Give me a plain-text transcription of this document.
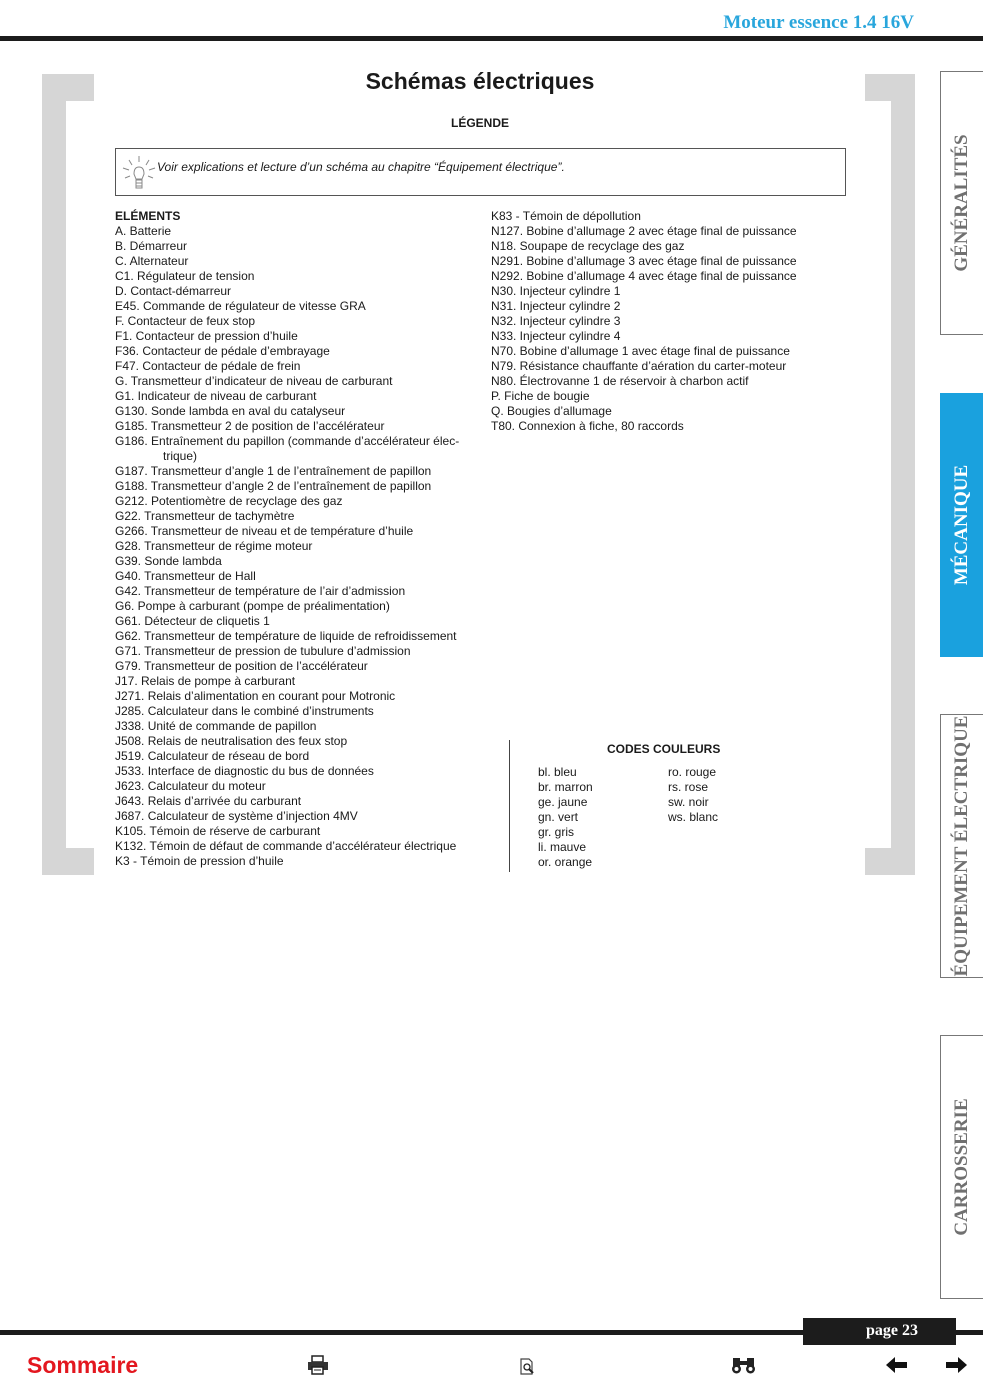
Moteur essence 1.4 16V
Schémas électriques
LÉGENDE
Voir explications et lecture d’un schéma au chapitre “Équipement électrique”.
ELÉMENTS
A. Batterie
B. Démarreur
C. Alternateur
C1. Régulateur de tension
D. Contact-démarreur
E45. Commande de régulateur de vitesse GRA
F. Contacteur de feux stop
F1. Contacteur de pression d’huile
F36. Contacteur de pédale d’embrayage
F47. Contacteur de pédale de frein
G. Transmetteur d’indicateur de niveau de carburant
G1. Indicateur de niveau de carburant
G130. Sonde lambda en aval du catalyseur
G185. Transmetteur 2 de position de l’accélérateur
G186. Entraînement du papillon (commande d’accélérateur élec-
trique)
G187. Transmetteur d’angle 1 de l’entraînement de papillon
G188. Transmetteur d’angle 2 de l’entraînement de papillon
G212. Potentiomètre de recyclage des gaz
G22. Transmetteur de tachymètre
G266. Transmetteur de niveau et de température d’huile
G28. Transmetteur de régime moteur
G39. Sonde lambda
G40. Transmetteur de Hall
G42. Transmetteur de température de l’air d’admission
G6. Pompe à carburant (pompe de préalimentation)
G61. Détecteur de cliquetis 1
G62. Transmetteur de température de liquide de refroidissement
G71. Transmetteur de pression de tubulure d’admission
G79. Transmetteur de position de l’accélérateur
J17. Relais de pompe à carburant
J271. Relais d’alimentation en courant pour Motronic
J285. Calculateur dans le combiné d’instruments
J338. Unité de commande de papillon
J508. Relais de neutralisation des feux stop
J519. Calculateur de réseau de bord
J533. Interface de diagnostic du bus de données
J623. Calculateur du moteur
J643. Relais d’arrivée du carburant
J687. Calculateur de système d’injection 4MV
K105. Témoin de réserve de carburant
K132. Témoin de défaut de commande d’accélérateur électrique
K3 - Témoin de pression d’huile
K83 - Témoin de dépollution
N127. Bobine d’allumage 2 avec étage final de puissance
N18. Soupape de recyclage des gaz
N291. Bobine d’allumage 3 avec étage final de puissance
N292. Bobine d’allumage 4 avec étage final de puissance
N30. Injecteur cylindre 1
N31. Injecteur cylindre 2
N32. Injecteur cylindre 3
N33. Injecteur cylindre 4
N70. Bobine d’allumage 1 avec étage final de puissance
N79. Résistance chauffante d’aération du carter-moteur
N80. Électrovanne 1 de réservoir à charbon actif
P. Fiche de bougie
Q. Bougies d’allumage
T80. Connexion à fiche, 80 raccords
CODES COULEURS
bl. bleu
br. marron
ge. jaune
gn. vert
gr. gris
li. mauve
or. orange
ro. rouge
rs. rose
sw. noir
ws. blanc
GÉNÉRALITÉS
MÉCANIQUE
ÉQUIPEMENT ÉLECTRIQUE
CARROSSERIE
page 23
Sommaire
